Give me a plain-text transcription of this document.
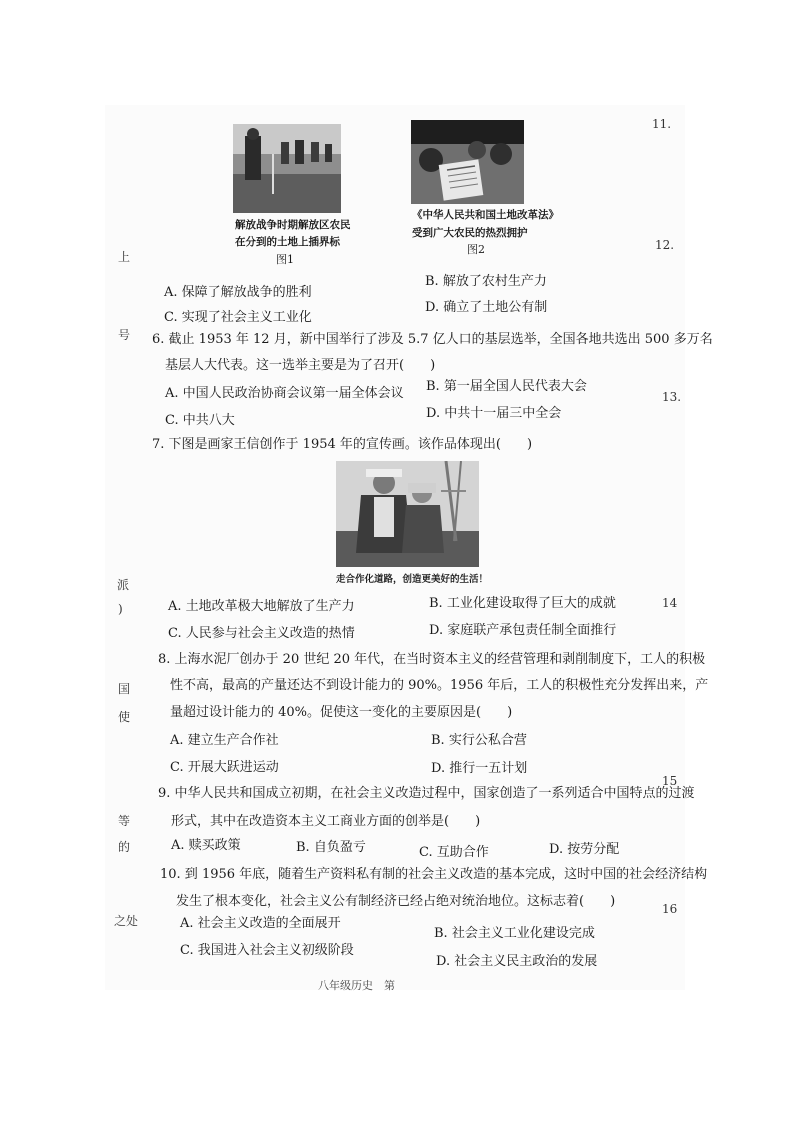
上
号
派
)
国
使
等
的
之处
11.
12.
13.
14
15
16
解放战争时期解放区农民
在分到的土地上插界标
图1
《中华人民共和国土地改革法》
受到广大农民的热烈拥护
图2
B. 解放了农村生产力
A. 保障了解放战争的胜利
D. 确立了土地公有制
C. 实现了社会主义工业化
6. 截止 1953 年 12 月，新中国举行了涉及 5.7 亿人口的基层选举，全国各地共选出 500 多万名
基层人大代表。这一选举主要是为了召开(　　)
B. 第一届全国人民代表大会
A. 中国人民政治协商会议第一届全体会议
D. 中共十一届三中全会
C. 中共八大
7. 下图是画家王信创作于 1954 年的宣传画。该作品体现出(　　)
走合作化道路，创造更美好的生活！
A. 土地改革极大地解放了生产力	B. 工业化建设取得了巨大的成就
C. 人民参与社会主义改造的热情	D. 家庭联产承包责任制全面推行
8. 上海水泥厂创办于 20 世纪 20 年代，在当时资本主义的经营管理和剥削制度下，工人的积极
性不高，最高的产量还达不到设计能力的 90%。1956 年后，工人的积极性充分发挥出来，产
量超过设计能力的 40%。促使这一变化的主要原因是(　　)
A. 建立生产合作社	B. 实行公私合营
C. 开展大跃进运动	D. 推行一五计划
9. 中华人民共和国成立初期，在社会主义改造过程中，国家创造了一系列适合中国特点的过渡
形式，其中在改造资本主义工商业方面的创举是(　　)
A. 赎买政策	B. 自负盈亏	C. 互助合作	D. 按劳分配
10. 到 1956 年底，随着生产资料私有制的社会主义改造的基本完成，这时中国的社会经济结构
发生了根本变化，社会主义公有制经济已经占绝对统治地位。这标志着(　　)
A. 社会主义改造的全面展开
B. 社会主义工业化建设完成
C. 我国进入社会主义初级阶段
D. 社会主义民主政治的发展
八年级历史　第
